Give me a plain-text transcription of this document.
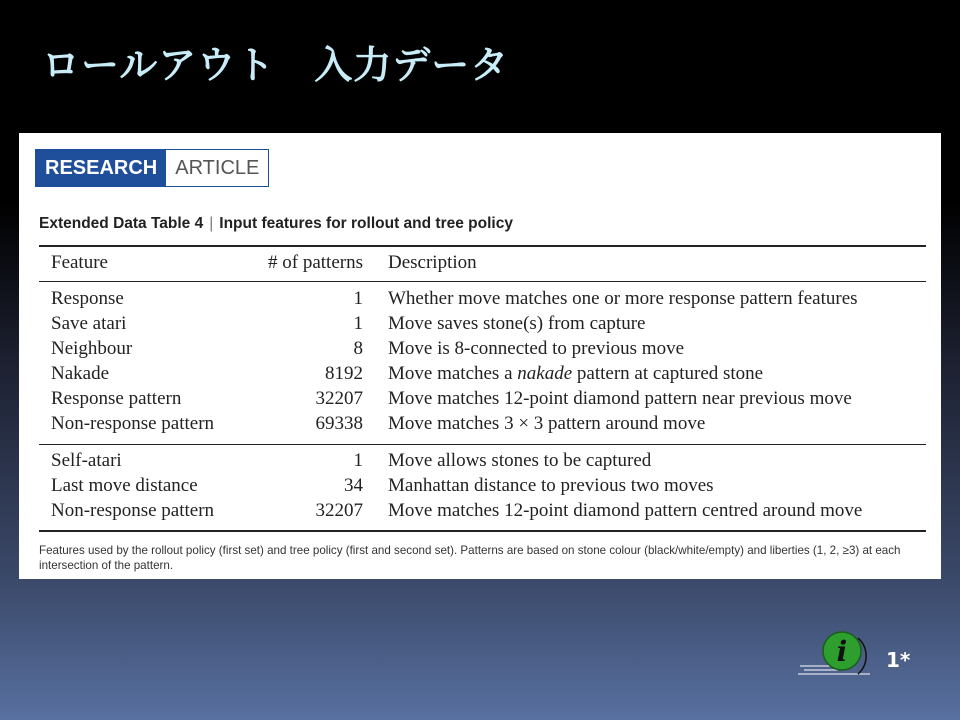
ロールアウト　入力データ
RESEARCH ARTICLE
Extended Data Table 4 | Input features for rollout and tree policy
Feature	# of patterns Description
Response	1 Whether move matches one or more response pattern features
Save atari	1 Move saves stone(s) from capture
Neighbour	8 Move is 8-connected to previous move
Nakade	8192 Move matches a nakade pattern at captured stone
Response pattern	32207 Move matches 12-point diamond pattern near previous move
Non-response pattern	69338 Move matches 3 × 3 pattern around move
Self-atari	1 Move allows stones to be captured
Last move distance	34 Manhattan distance to previous two moves
Non-response pattern	32207 Move matches 12-point diamond pattern centred around move
Features used by the rollout policy (first set) and tree policy (first and second set). Patterns are based on stone colour (black/white/empty) and liberties (1, 2, ≥3) at each intersection of the pattern.
i 1*
